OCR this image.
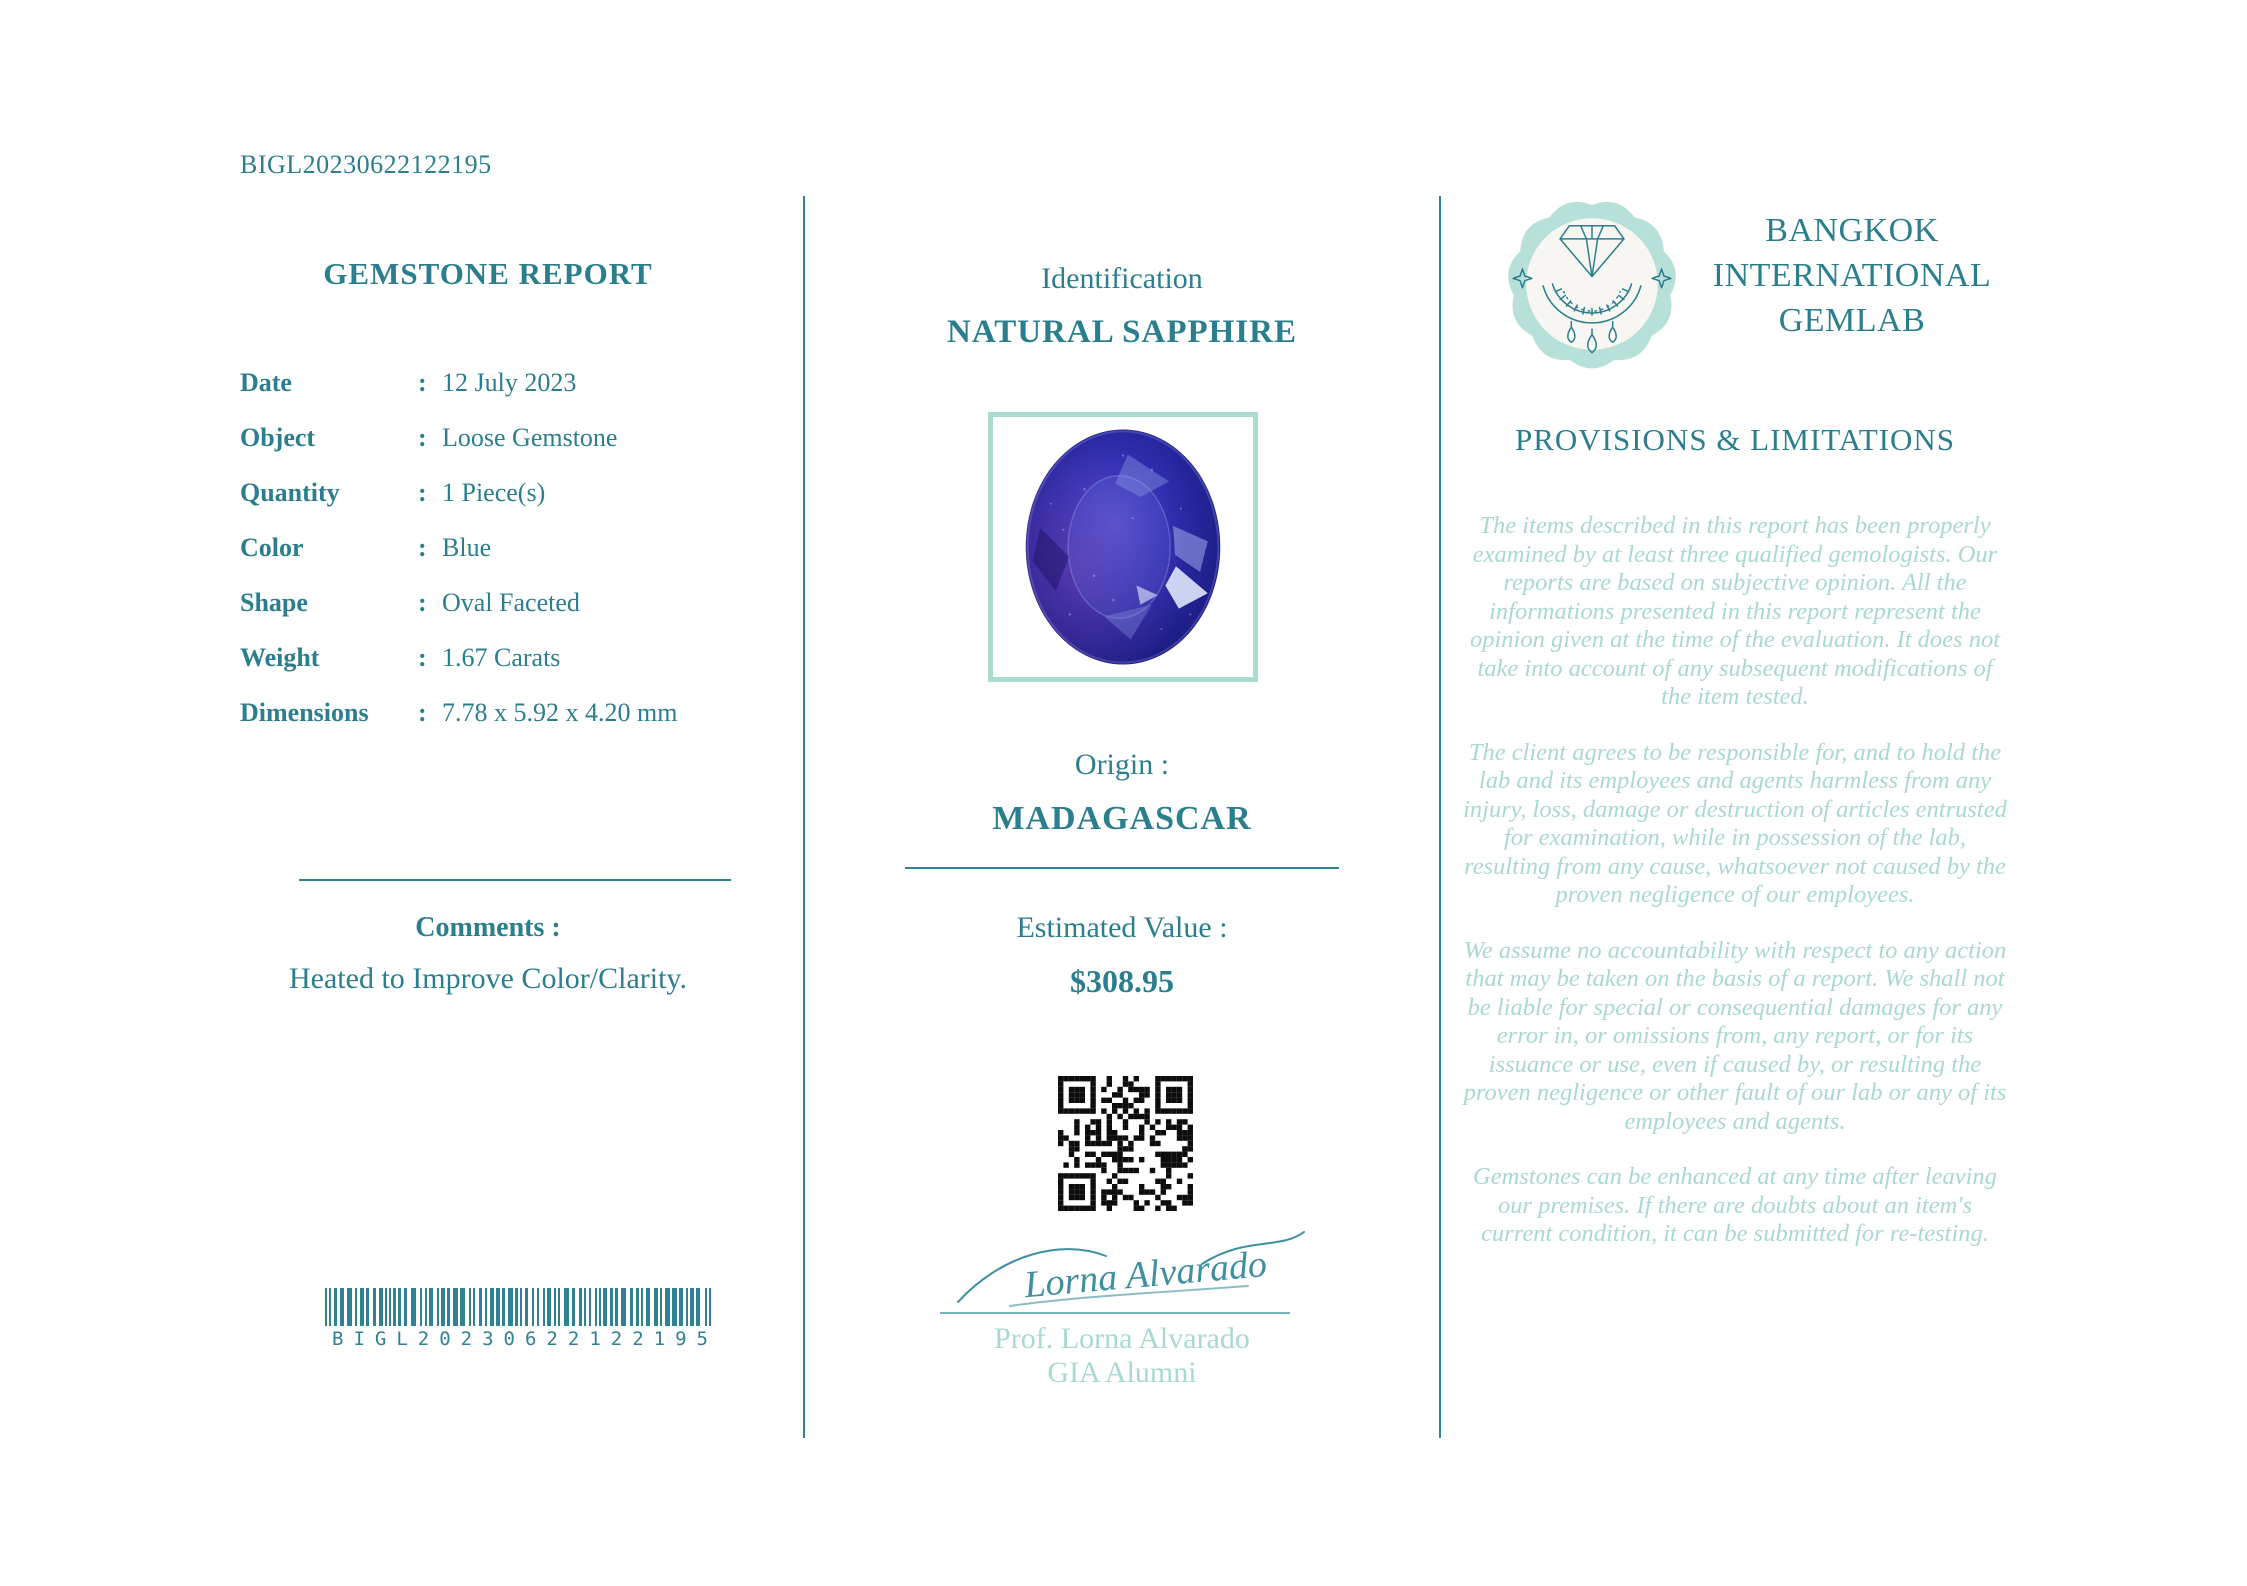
BIGL20230622122195
GEMSTONE REPORT
Date	: 12 July 2023
Object	: Loose Gemstone
Quantity	: 1 Piece(s)
Color	: Blue
Shape	: Oval Faceted
Weight	: 1.67 Carats
Dimensions : 7.78 x 5.92 x 4.20 mm
Comments :
Heated to Improve Color/Clarity.
BIGL20230622122195
Identification
NATURAL SAPPHIRE
Origin :
MADAGASCAR
Estimated Value :
$308.95
Lorna Alvarado
Prof. Lorna Alvarado
GIA Alumni
BANGKOK
INTERNATIONAL
GEMLAB
PROVISIONS & LIMITATIONS

The items described in this report has been properly examined by at least three qualified gemologists. Our reports are based on subjective opinion. All the informations presented in this report represent the opinion given at the time of the evaluation. It does not take into account of any subsequent modifications of the item tested.

The client agrees to be responsible for, and to hold the lab and its employees and agents harmless from any injury, loss, damage or destruction of articles entrusted for examination, while in possession of the lab, resulting from any cause, whatsoever not caused by the proven negligence of our employees.

We assume no accountability with respect to any action that may be taken on the basis of a report. We shall not be liable for special or consequential damages for any error in, or omissions from, any report, or for its issuance or use, even if caused by, or resulting the proven negligence or other fault of our lab or any of its employees and agents.

Gemstones can be enhanced at any time after leaving our premises. If there are doubts about an item's current condition, it can be submitted for re-testing.
